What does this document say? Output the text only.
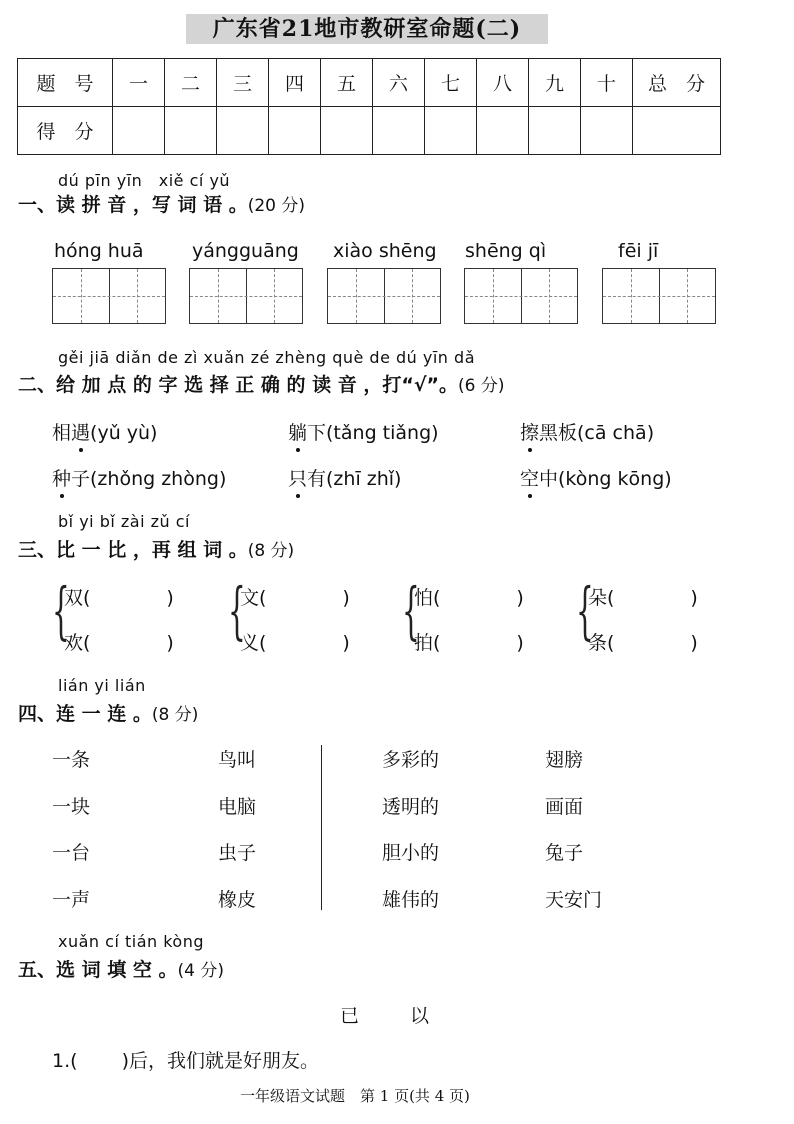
广东省21地市教研室命题(二)
题　号	一	二	三	四	五	六	七	八	九	十	总　分
得　分											
dú pīn yīn　xiě cí yǔ
一、读 拼 音 ，写 词 语 。(20 分)
hóng huā	yángguāng xiào shēng shēng qì	fēi jī
gěi jiā diǎn de zì xuǎn zé zhèng què de dú yīn dǎ
二、给 加 点 的 字 选 择 正 确 的 读 音 ，打“√”。(6 分)
相遇(yǔ yù)	躺下(tǎng tiǎng)	擦黑板(cā chā)
种子(zhǒng zhòng)	只有(zhī zhǐ)	空中(kòng kōng)
bǐ yi bǐ zài zǔ cí
三、比 一 比 ，再 组 词 。(8 分)
{
双(　　　　)
欢(　　　　) {
文(　　　　)
义(　　　　) {
怕(　　　　)
拍(　　　　) {
朵(　　　　)
条(　　　　)
lián yi lián
四、连 一 连 。(8 分)
一条
一块
一台
一声
鸟叫
电脑
虫子
橡皮
多彩的
透明的
胆小的
雄伟的
翅膀
画面
兔子
天安门
xuǎn cí tián kòng
五、选 词 填 空 。(4 分)
已	以
1.(　　 )后，我们就是好朋友。
一年级语文试题　第 1 页(共 4 页)
